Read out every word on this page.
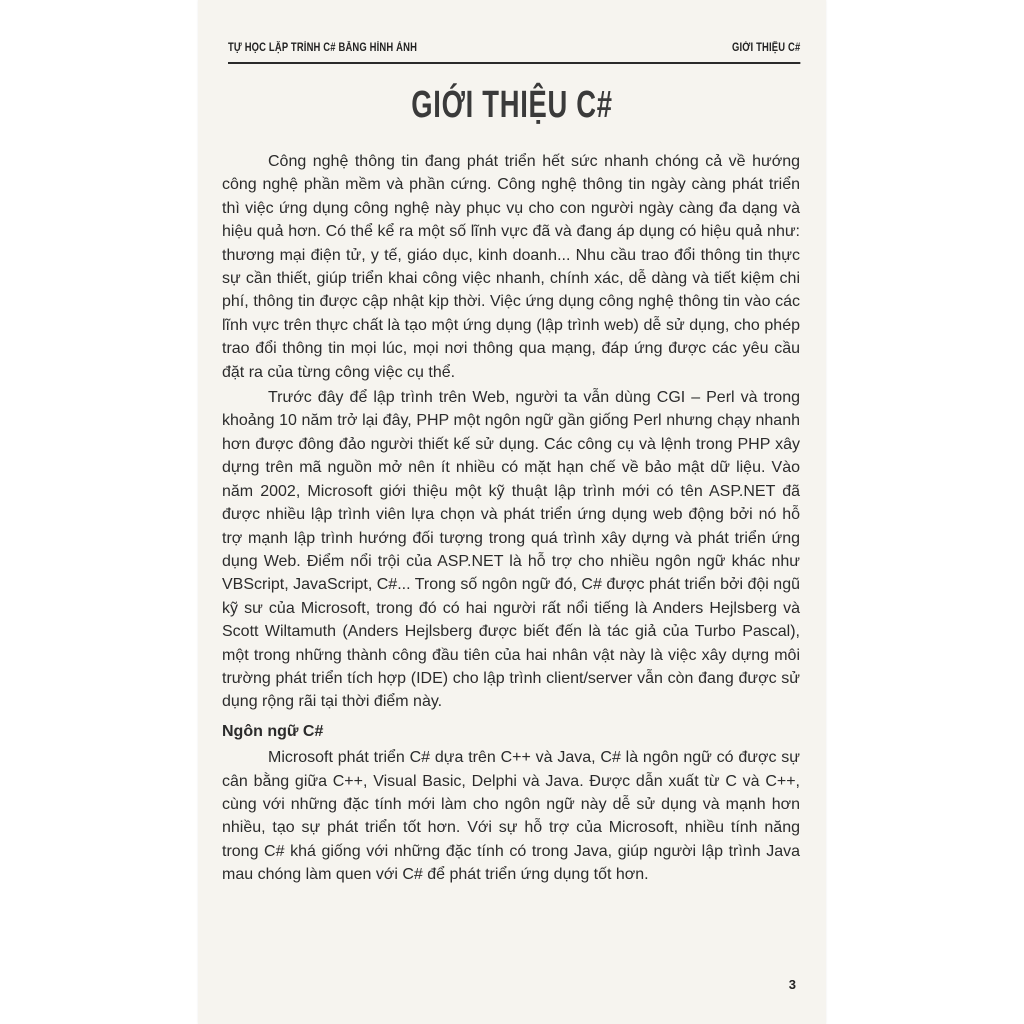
TỰ HỌC LẬP TRÌNH C# BẰNG HÌNH ẢNH	GIỚI THIỆU C#
GIỚI THIỆU C#

Công nghệ thông tin đang phát triển hết sức nhanh chóng cả về hướng công nghệ phần mềm và phần cứng. Công nghệ thông tin ngày càng phát triển thì việc ứng dụng công nghệ này phục vụ cho con người ngày càng đa dạng và hiệu quả hơn. Có thể kể ra một số lĩnh vực đã và đang áp dụng có hiệu quả như: thương mại điện tử, y tế, giáo dục, kinh doanh... Nhu cầu trao đổi thông tin thực sự cần thiết, giúp triển khai công việc nhanh, chính xác, dễ dàng và tiết kiệm chi phí, thông tin được cập nhật kịp thời. Việc ứng dụng công nghệ thông tin vào các lĩnh vực trên thực chất là tạo một ứng dụng (lập trình web) dễ sử dụng, cho phép trao đổi thông tin mọi lúc, mọi nơi thông qua mạng, đáp ứng được các yêu cầu đặt ra của từng công việc cụ thể.

Trước đây để lập trình trên Web, người ta vẫn dùng CGI – Perl và trong khoảng 10 năm trở lại đây, PHP một ngôn ngữ gần giống Perl nhưng chạy nhanh hơn được đông đảo người thiết kế sử dụng. Các công cụ và lệnh trong PHP xây dựng trên mã nguồn mở nên ít nhiều có mặt hạn chế về bảo mật dữ liệu. Vào năm 2002, Microsoft giới thiệu một kỹ thuật lập trình mới có tên ASP.NET đã được nhiều lập trình viên lựa chọn và phát triển ứng dụng web động bởi nó hỗ trợ mạnh lập trình hướng đối tượng trong quá trình xây dựng và phát triển ứng dụng Web. Điểm nổi trội của ASP.NET là hỗ trợ cho nhiều ngôn ngữ khác như VBScript, JavaScript, C#... Trong số ngôn ngữ đó, C# được phát triển bởi đội ngũ kỹ sư của Microsoft, trong đó có hai người rất nổi tiếng là Anders Hejlsberg và Scott Wiltamuth (Anders Hejlsberg được biết đến là tác giả của Turbo Pascal), một trong những thành công đầu tiên của hai nhân vật này là việc xây dựng môi trường phát triển tích hợp (IDE) cho lập trình client/server vẫn còn đang được sử dụng rộng rãi tại thời điểm này.

Ngôn ngữ C#

Microsoft phát triển C# dựa trên C++ và Java, C# là ngôn ngữ có được sự cân bằng giữa C++, Visual Basic, Delphi và Java. Được dẫn xuất từ C và C++, cùng với những đặc tính mới làm cho ngôn ngữ này dễ sử dụng và mạnh hơn nhiều, tạo sự phát triển tốt hơn. Với sự hỗ trợ của Microsoft, nhiều tính năng trong C# khá giống với những đặc tính có trong Java, giúp người lập trình Java mau chóng làm quen với C# để phát triển ứng dụng tốt hơn.

3
